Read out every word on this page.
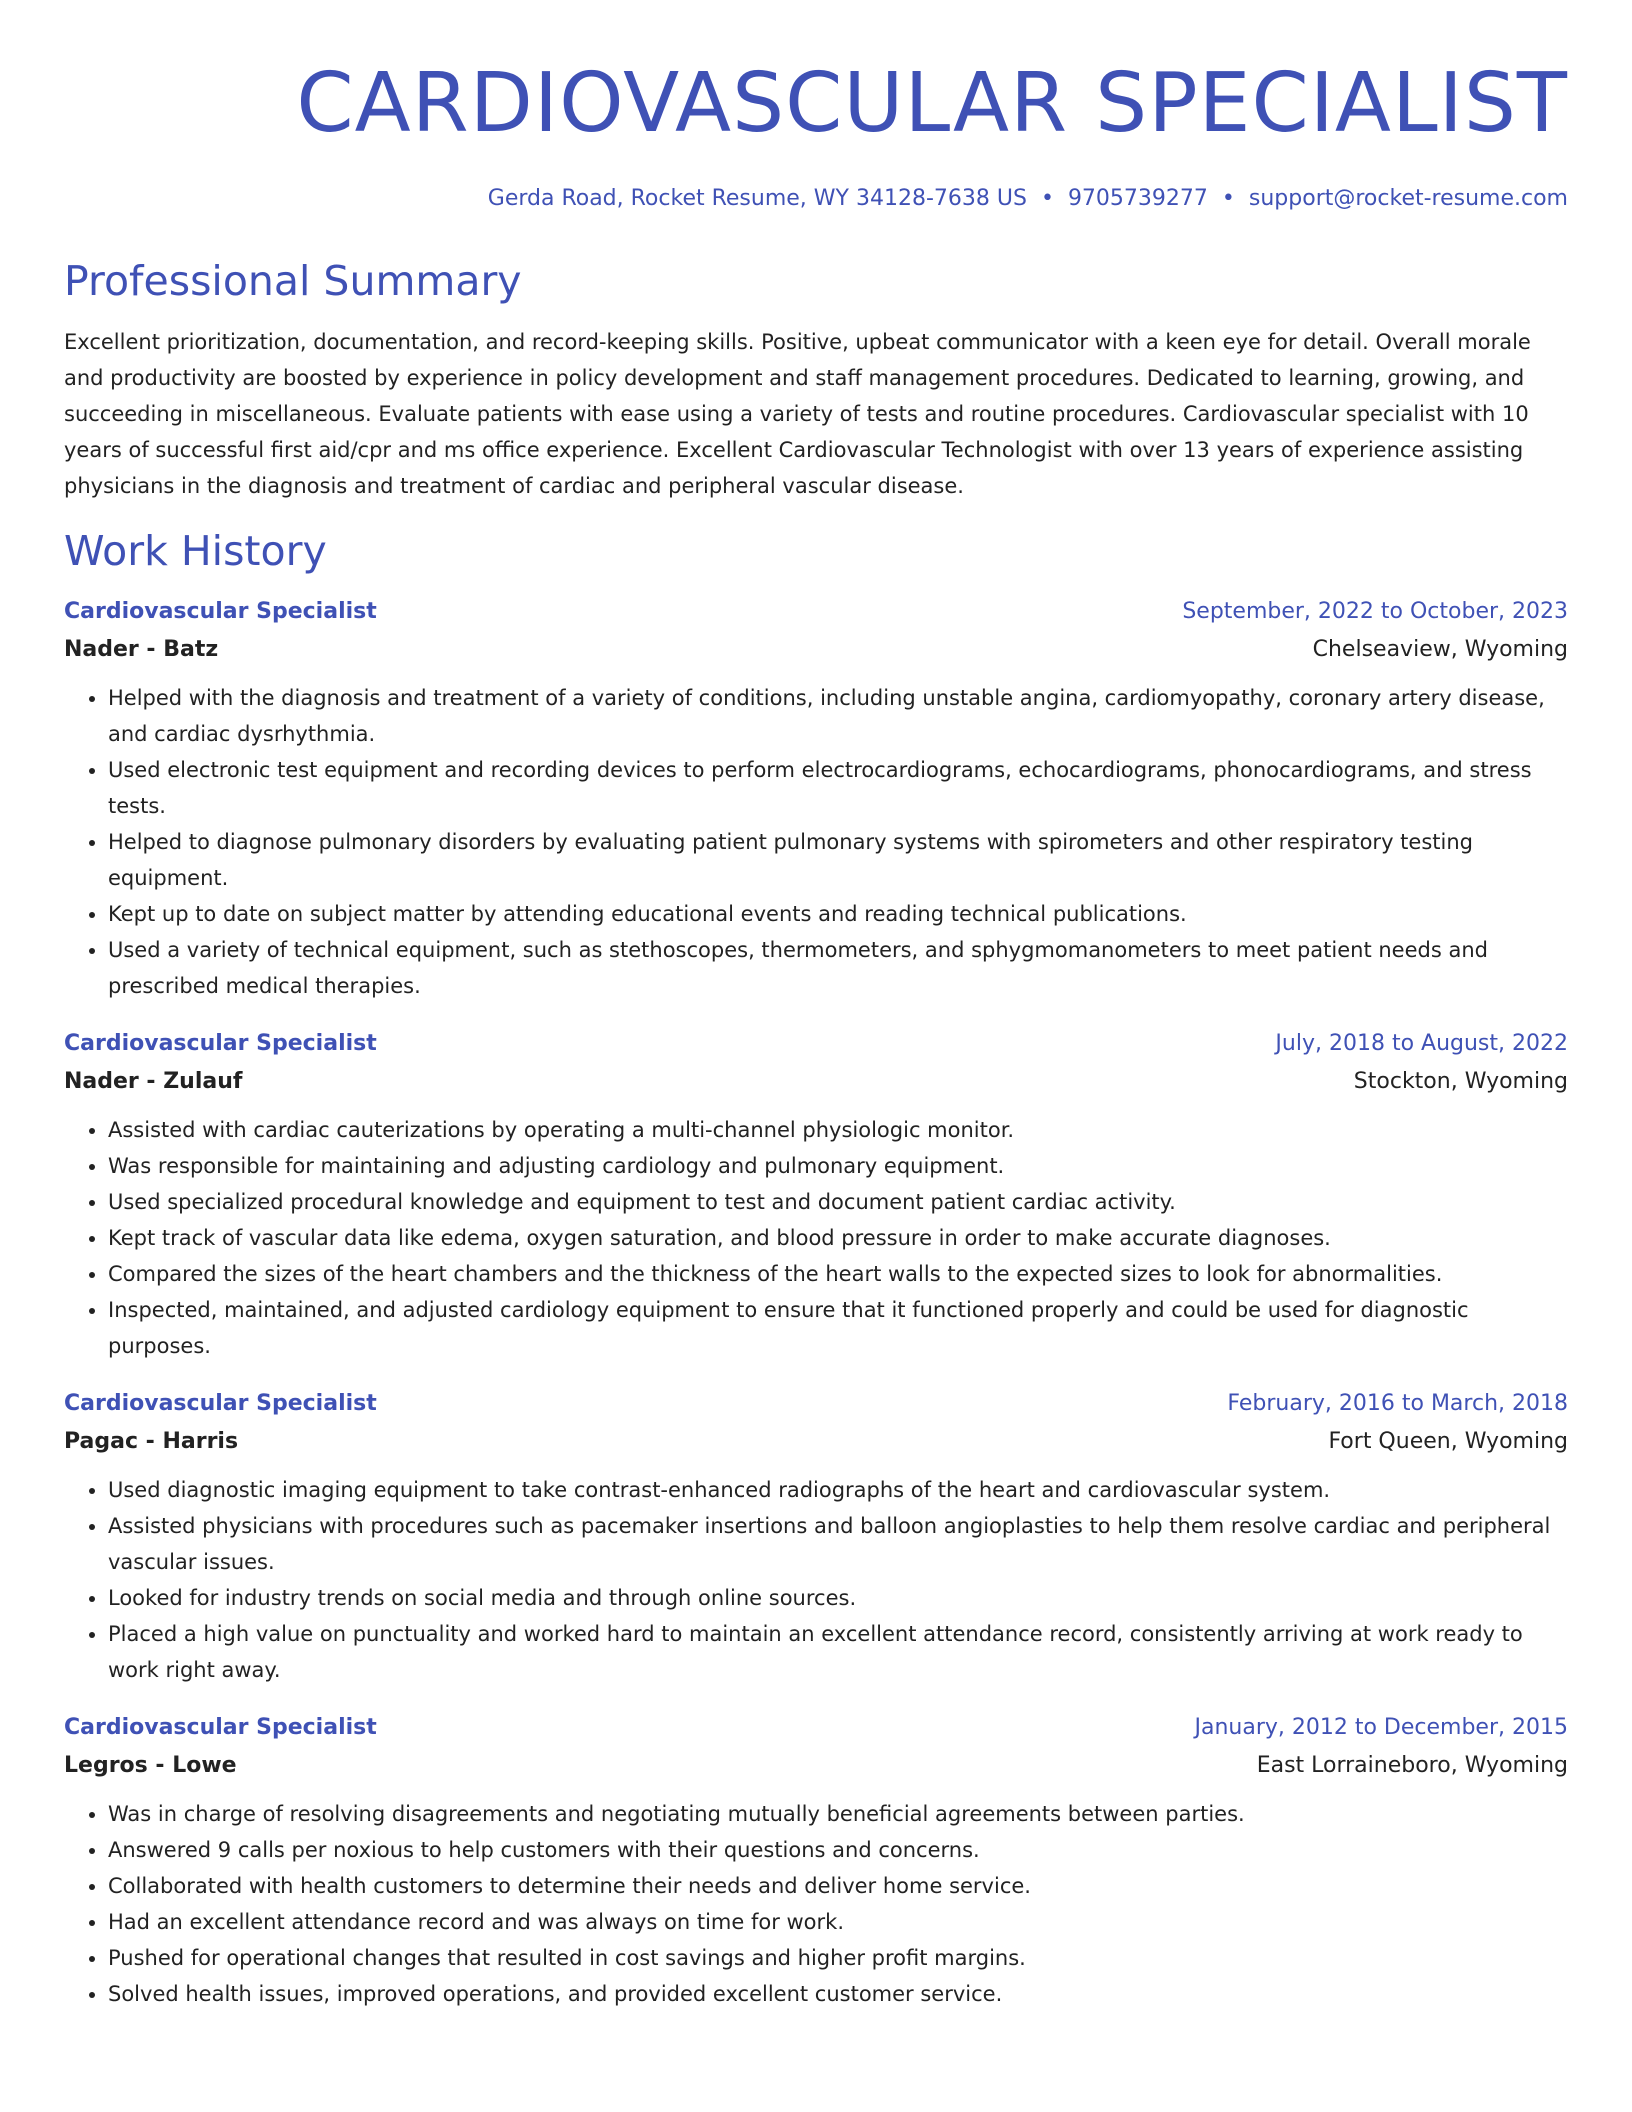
CARDIOVASCULAR SPECIALIST
Gerda Road, Rocket Resume, WY 34128-7638 US • 9705739277 • support@rocket-resume.com
Professional Summary

Excellent prioritization, documentation, and record-keeping skills. Positive, upbeat communicator with a keen eye for detail. Overall morale and productivity are boosted by experience in policy development and staff management procedures. Dedicated to learning, growing, and succeeding in miscellaneous. Evaluate patients with ease using a variety of tests and routine procedures. Cardiovascular specialist with 10 years of successful first aid/cpr and ms office experience. Excellent Cardiovascular Technologist with over 13 years of experience assisting physicians in the diagnosis and treatment of cardiac and peripheral vascular disease.

Work History
Cardiovascular Specialist	September, 2022 to October, 2023
Nader - Batz	Chelseaview, Wyoming
• Helped with the diagnosis and treatment of a variety of conditions, including unstable angina, cardiomyopathy, coronary artery disease, and cardiac dysrhythmia.
• Used electronic test equipment and recording devices to perform electrocardiograms, echocardiograms, phonocardiograms, and stress tests.
• Helped to diagnose pulmonary disorders by evaluating patient pulmonary systems with spirometers and other respiratory testing equipment.
• Kept up to date on subject matter by attending educational events and reading technical publications.
• Used a variety of technical equipment, such as stethoscopes, thermometers, and sphygmomanometers to meet patient needs and prescribed medical therapies.
Cardiovascular Specialist	July, 2018 to August, 2022
Nader - Zulauf	Stockton, Wyoming
• Assisted with cardiac cauterizations by operating a multi-channel physiologic monitor.
• Was responsible for maintaining and adjusting cardiology and pulmonary equipment.
• Used specialized procedural knowledge and equipment to test and document patient cardiac activity.
• Kept track of vascular data like edema, oxygen saturation, and blood pressure in order to make accurate diagnoses.
• Compared the sizes of the heart chambers and the thickness of the heart walls to the expected sizes to look for abnormalities.
• Inspected, maintained, and adjusted cardiology equipment to ensure that it functioned properly and could be used for diagnostic purposes.
Cardiovascular Specialist	February, 2016 to March, 2018
Pagac - Harris	Fort Queen, Wyoming
• Used diagnostic imaging equipment to take contrast-enhanced radiographs of the heart and cardiovascular system.
• Assisted physicians with procedures such as pacemaker insertions and balloon angioplasties to help them resolve cardiac and peripheral vascular issues.
• Looked for industry trends on social media and through online sources.
• Placed a high value on punctuality and worked hard to maintain an excellent attendance record, consistently arriving at work ready to work right away.
Cardiovascular Specialist	January, 2012 to December, 2015
Legros - Lowe	East Lorraineboro, Wyoming
• Was in charge of resolving disagreements and negotiating mutually beneficial agreements between parties.
• Answered 9 calls per noxious to help customers with their questions and concerns.
• Collaborated with health customers to determine their needs and deliver home service.
• Had an excellent attendance record and was always on time for work.
• Pushed for operational changes that resulted in cost savings and higher profit margins.
• Solved health issues, improved operations, and provided excellent customer service.
